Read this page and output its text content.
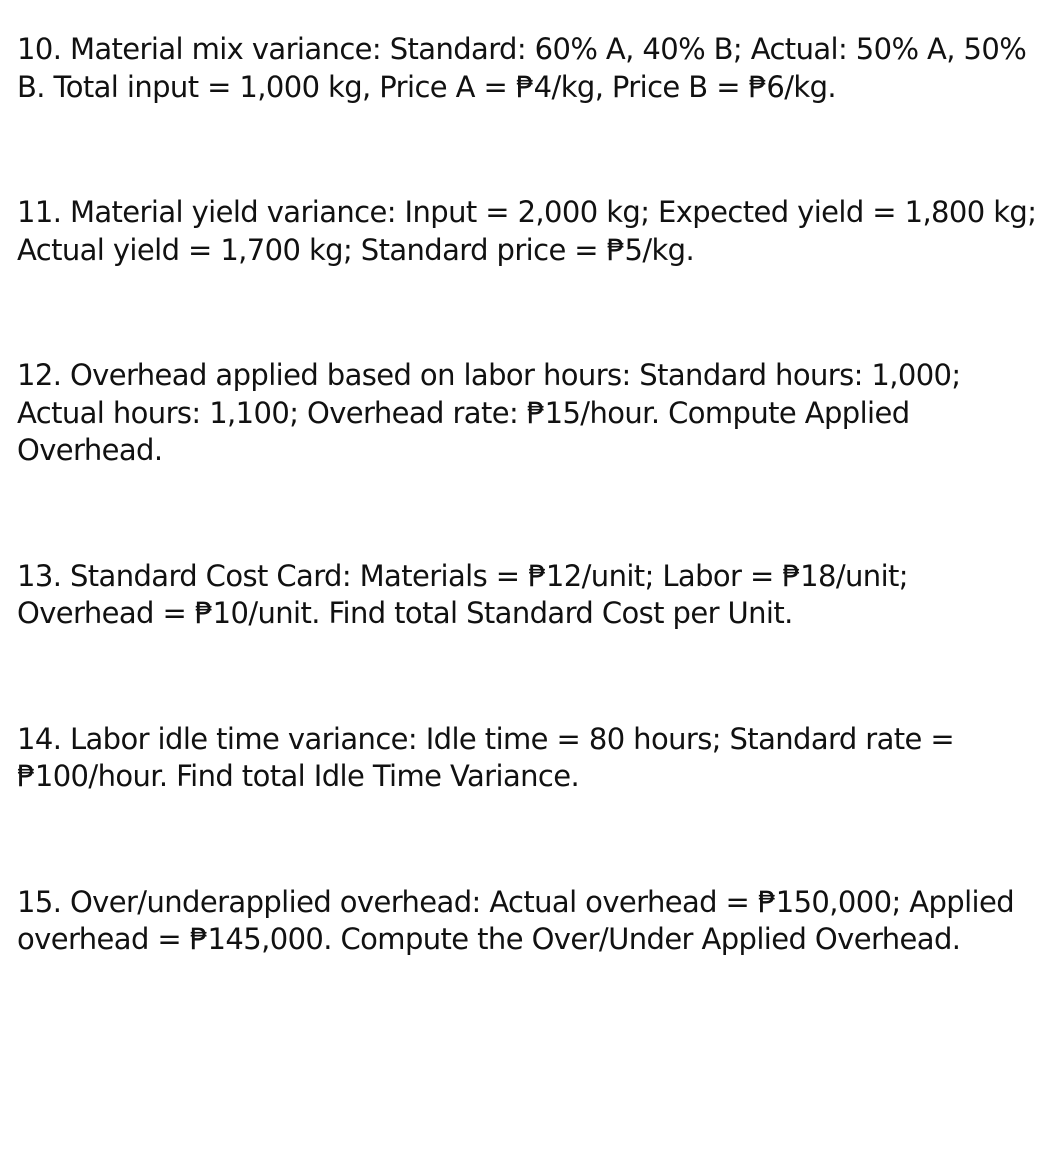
10. Material mix variance: Standard: 60% A, 40% B; Actual: 50% A, 50% B. Total input = 1,000 kg, Price A = ₱4/kg, Price B = ₱6/kg.

11. Material yield variance: Input = 2,000 kg; Expected yield = 1,800 kg; Actual yield = 1,700 kg; Standard price = ₱5/kg.

12. Overhead applied based on labor hours: Standard hours: 1,000; Actual hours: 1,100; Overhead rate: ₱15/hour. Compute Applied Overhead.

13. Standard Cost Card: Materials = ₱12/unit; Labor = ₱18/unit; Overhead = ₱10/unit. Find total Standard Cost per Unit.

14. Labor idle time variance: Idle time = 80 hours; Standard rate = ₱100/hour. Find total Idle Time Variance.

15. Over/underapplied overhead: Actual overhead = ₱150,000; Applied overhead = ₱145,000. Compute the Over/Under Applied Overhead.
